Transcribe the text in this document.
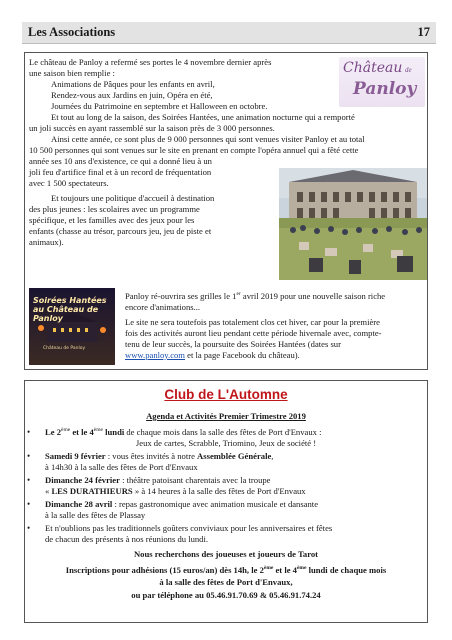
Les Associations	17
Château de
Panloy
Le château de Panloy a refermé ses portes le 4 novembre dernier après
une saison bien remplie :
Animations de Pâques pour les enfants en avril,
Rendez-vous aux Jardins en juin, Opéra en été,
Journées du Patrimoine en septembre et Halloween en octobre.
Et tout au long de la saison, des Soirées Hantées, une animation nocturne qui a remporté
un joli succès en ayant rassemblé sur la saison près de 3 000 personnes.
Ainsi cette année, ce sont plus de 9 000 personnes qui sont venues visiter Panloy et au total
10 500 personnes qui sont venues sur le site en prenant en compte l'opéra annuel qui a fêté cette
année ses 10 ans d'existence, ce qui a donné lieu à un
joli feu d'artifice final et à un record de fréquentation
avec 1 500 spectateurs.
Et toujours une politique d'accueil à destination
des plus jeunes : les scolaires avec un programme
spécifique, et les familles avec des jeux pour les
enfants (chasse au trésor, parcours jeu, jeu de piste et
animaux).
Soirées Hantées au Château de Panloy
Château de Panloy
Panloy ré-ouvrira ses grilles le 1er avril 2019 pour une nouvelle saison riche
encore d'animations...
Le site ne sera toutefois pas totalement clos cet hiver, car pour la première
fois des activités auront lieu pendant cette période hivernale avec, compte-
tenu de leur succès, la poursuite des Soirées Hantées (dates sur
www.panloy.com et la page Facebook du château).
Club de L'Automne
Agenda et Activités Premier Trimestre 2019
• Le 2ème et le 4ème lundi de chaque mois dans la salle des fêtes de Port d'Envaux :
Jeux de cartes, Scrabble, Triomino, Jeux de société !
• Samedi 9 février : vous êtes invités à notre Assemblée Générale,
à 14h30 à la salle des fêtes de Port d'Envaux
• Dimanche 24 février : théâtre patoisant charentais avec la troupe
« LES DURATHIEURS » à 14 heures à la salle des fêtes de Port d'Envaux
• Dimanche 28 avril : repas gastronomique avec animation musicale et dansante
à la salle des fêtes de Plassay
• Et n'oublions pas les traditionnels goûters conviviaux pour les anniversaires et fêtes
de chacun des présents à nos réunions du lundi.
Nous recherchons des joueuses et joueurs de Tarot
Inscriptions pour adhésions (15 euros/an) dès 14h, le 2ème et le 4ème lundi de chaque mois
à la salle des fêtes de Port d'Envaux,
ou par téléphone au 05.46.91.70.69 & 05.46.91.74.24
